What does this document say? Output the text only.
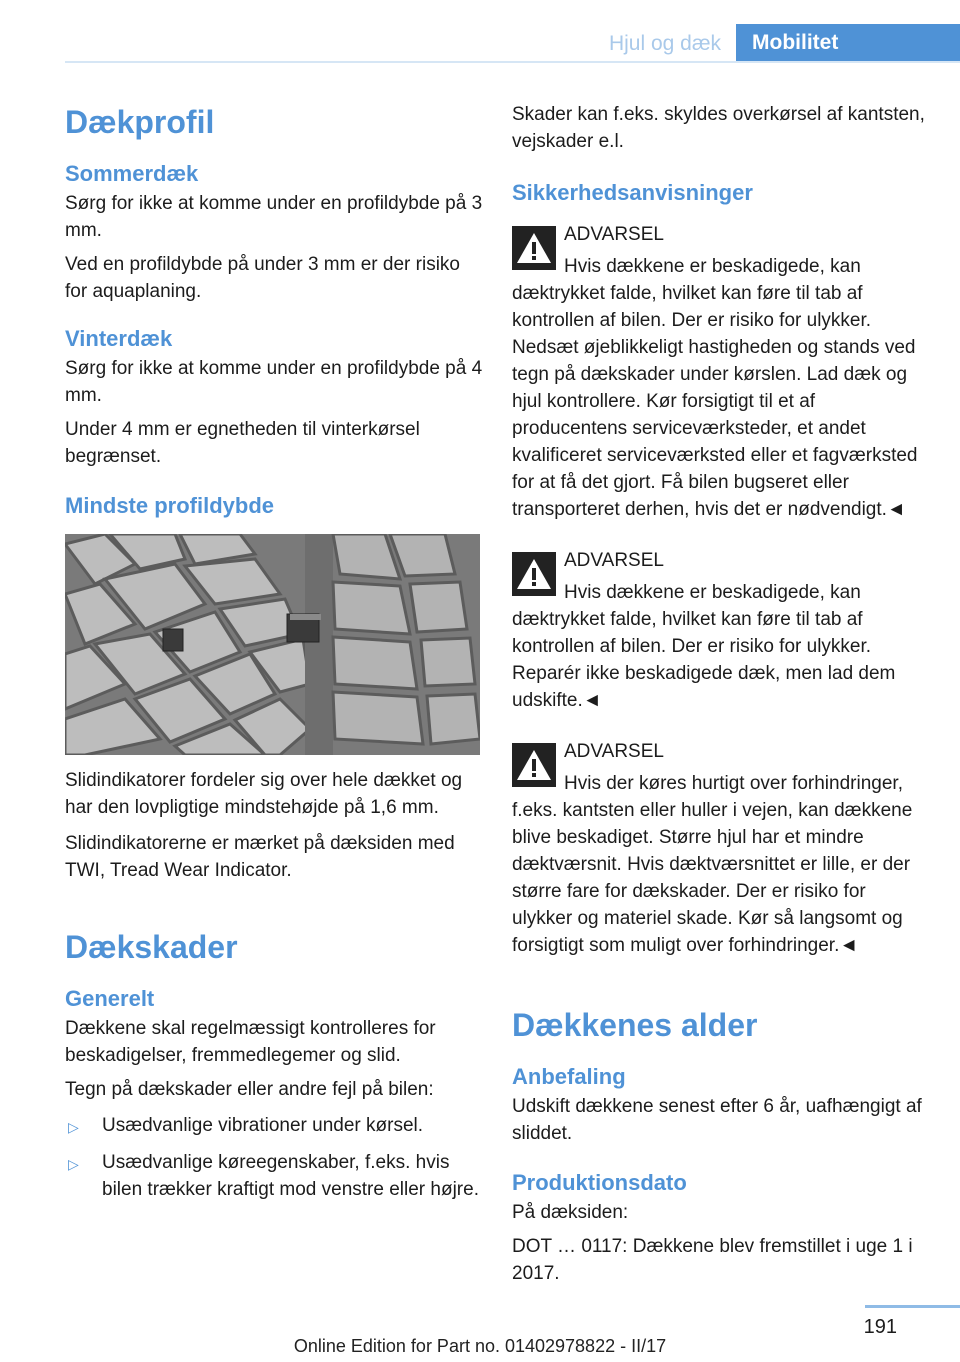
Hjul og dæk	Mobilitet
Dækprofil
Sommerdæk

Sørg for ikke at komme under en profildybde på 3 mm.

Ved en profildybde på under 3 mm er der risiko for aquaplaning.

Vinterdæk

Sørg for ikke at komme under en profildybde på 4 mm.

Under 4 mm er egnetheden til vinterkørsel begrænset.

Mindste profildybde

Slidindikatorer fordeler sig over hele dækket og har den lovpligtige mindstehøjde på 1,6 mm.

Slidindikatorerne er mærket på dæksiden med TWI, Tread Wear Indicator.

Dækskader
Generelt

Dækkene skal regelmæssigt kontrolleres for beskadigelser, fremmedlegemer og slid.

Tegn på dækskader eller andre fejl på bilen:

▷	Usædvanlige vibrationer under kørsel.
▷	Usædvanlige køreegenskaber, f.eks. hvis bilen trækker kraftigt mod venstre eller højre.

Skader kan f.eks. skyldes overkørsel af kantsten, vejskader e.l.

Sikkerhedsanvisninger
ADVARSEL
Hvis dækkene er beskadigede, kan dæktrykket falde, hvilket kan føre til tab af kontrollen af bilen. Der er risiko for ulykker. Nedsæt øjeblikkeligt hastigheden og stands ved tegn på dækskader under kørslen. Lad dæk og hjul kontrollere. Kør forsigtigt til et af producentens serviceværksteder, et andet kvalificeret serviceværksted eller et fagværksted for at få det gjort. Få bilen bugseret eller transporteret derhen, hvis det er nødvendigt.◄
ADVARSEL
Hvis dækkene er beskadigede, kan dæktrykket falde, hvilket kan føre til tab af kontrollen af bilen. Der er risiko for ulykker. Reparér ikke beskadigede dæk, men lad dem udskifte.◄
ADVARSEL
Hvis der køres hurtigt over forhindringer, f.eks. kantsten eller huller i vejen, kan dækkene blive beskadiget. Større hjul har et mindre dæktværsnit. Hvis dæktværsnittet er lille, er der større fare for dækskader. Der er risiko for ulykker og materiel skade. Kør så langsomt og forsigtigt som muligt over forhindringer.◄
Dækkenes alder
Anbefaling

Udskift dækkene senest efter 6 år, uafhængigt af sliddet.

Produktionsdato

På dæksiden:

DOT … 0117: Dækkene blev fremstillet i uge 1 i 2017.

191
Online Edition for Part no. 01402978822 - II/17
